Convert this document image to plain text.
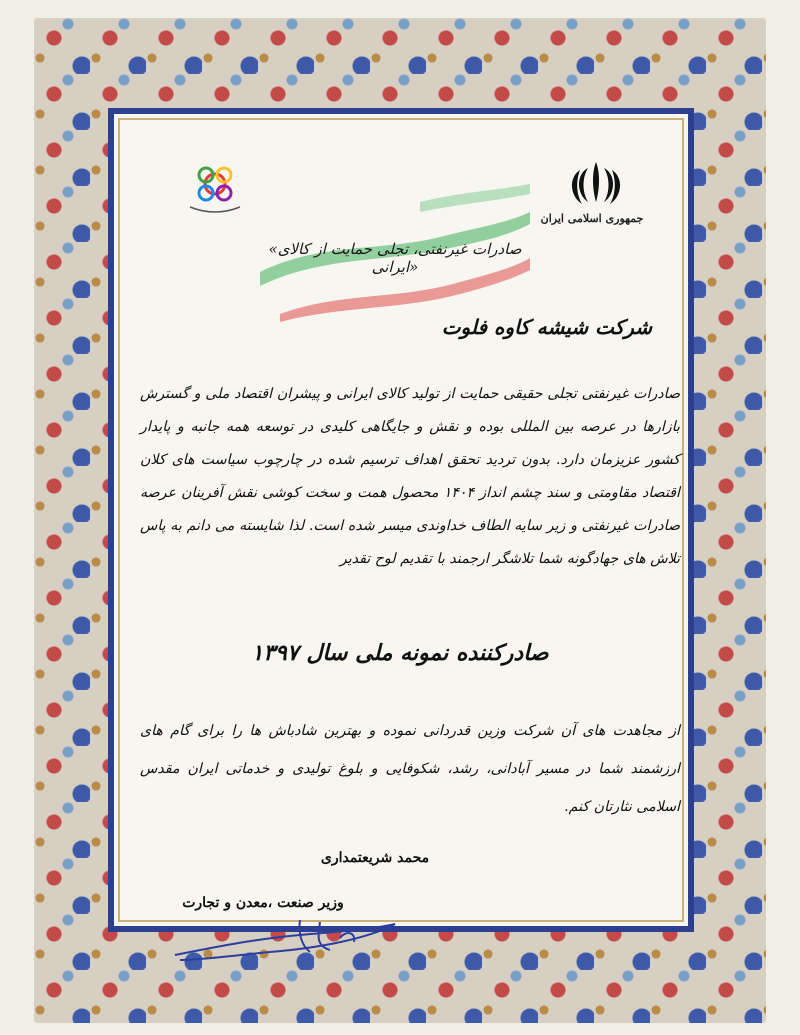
جمهوری اسلامی ایران
«صادرات غیرنفتی، تجلی حمایت از کالای ایرانی»
شرکت شیشه کاوه فلوت
صادرات غیرنفتی تجلی حقیقی حمایت از تولید کالای ایرانی و پیشران اقتصاد ملی و گسترش بازارها در عرصه بین المللی بوده و نقش و جایگاهی کلیدی در توسعه همه جانبه و پایدار کشور عزیزمان دارد. بدون تردید تحقق اهداف ترسیم شده در چارچوب سیاست های کلان اقتصاد مقاومتی و سند چشم انداز ۱۴۰۴ محصول همت و سخت کوشی نقش آفرینان عرصه صادرات غیرنفتی و زیر سایه الطاف خداوندی میسر شده است. لذا شایسته می دانم به پاس تلاش های جهادگونه شما تلاشگر ارجمند با تقدیم لوح تقدیر
صادرکننده نمونه ملی سال ۱۳۹۷
از مجاهدت های آن شرکت وزین قدردانی نموده و بهترین شادباش ها را برای گام های ارزشمند شما در مسیر آبادانی، رشد، شکوفایی و بلوغ تولیدی و خدماتی ایران مقدس اسلامی نثارتان کنم.
محمد شریعتمداری
وزیر صنعت ،معدن و تجارت
